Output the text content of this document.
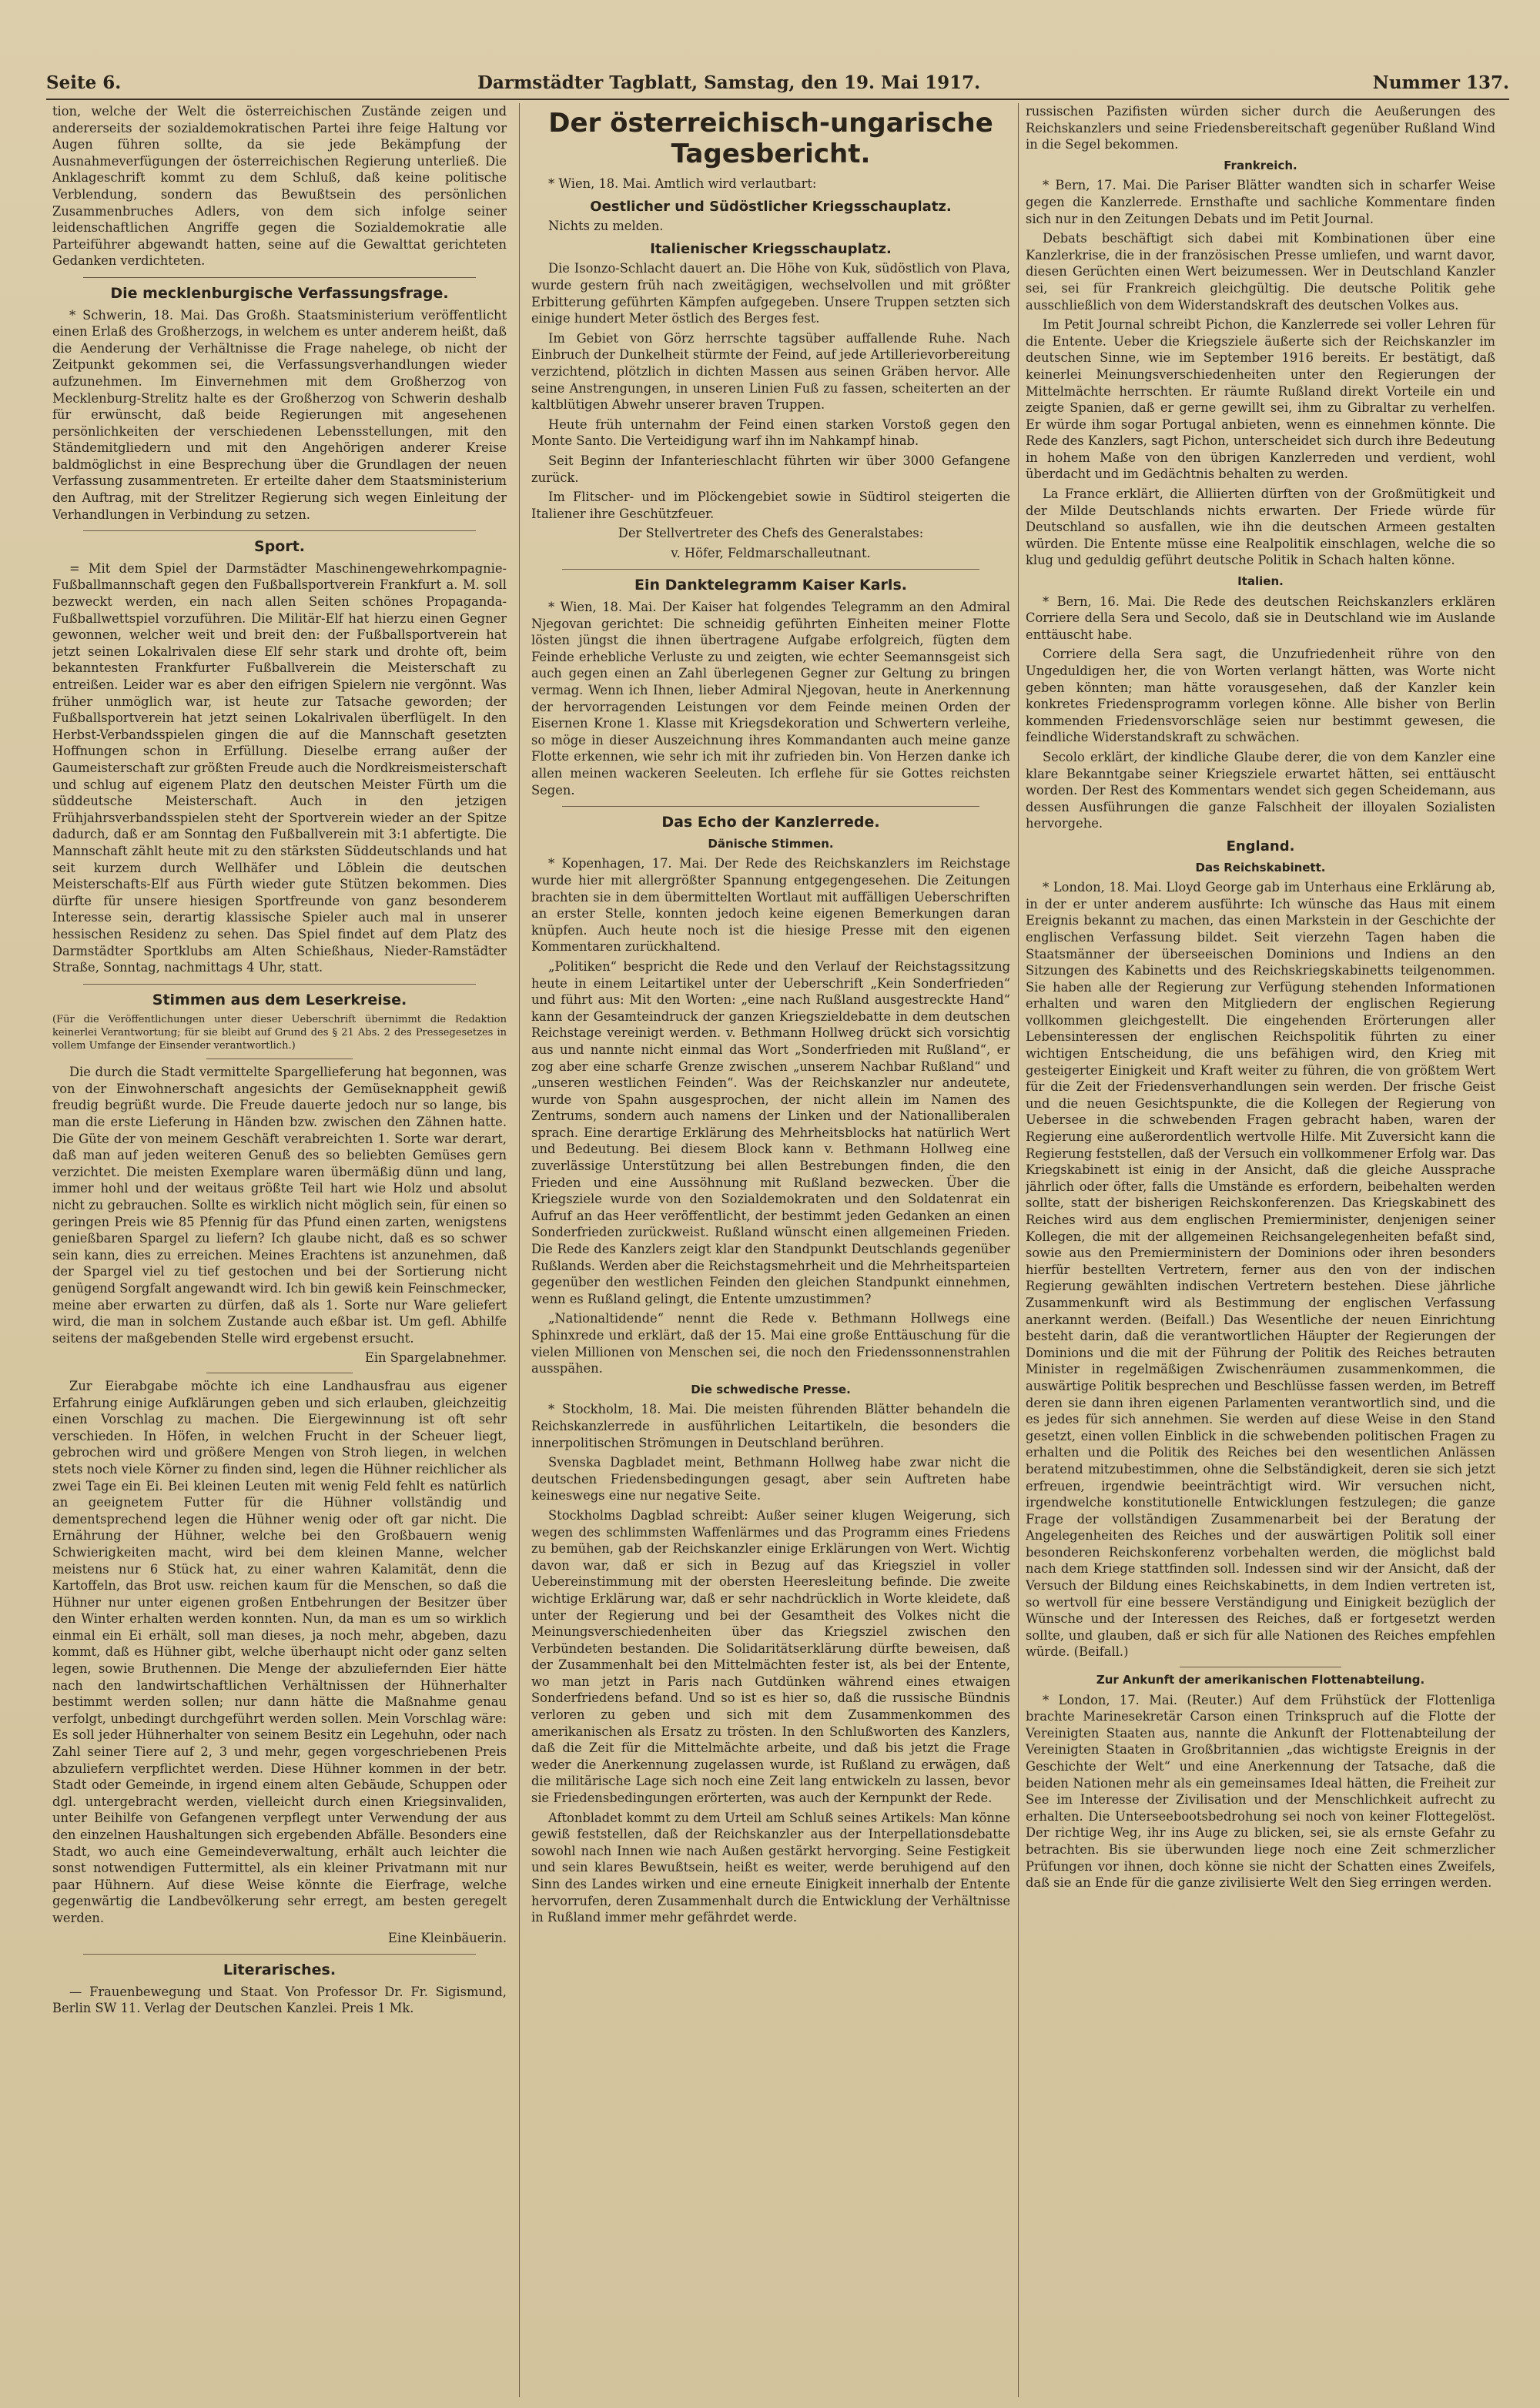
Seite 6.	Darmstädter Tagblatt, Samstag, den 19. Mai 1917.	Nummer 137.

tion, welche der Welt die österreichischen Zustände zeigen und andererseits der sozialdemokratischen Partei ihre feige Haltung vor Augen führen sollte, da sie jede Bekämpfung der Ausnahmeverfügungen der österreichischen Regierung unterließ. Die Anklageschrift kommt zu dem Schluß, daß keine politische Verblendung, sondern das Bewußtsein des persönlichen Zusammenbruches Adlers, von dem sich infolge seiner leidenschaftlichen Angriffe gegen die Sozialdemokratie alle Parteiführer abgewandt hatten, seine auf die Gewalttat gerichteten Gedanken verdichteten.

Die mecklenburgische Verfassungsfrage.

* Schwerin, 18. Mai. Das Großh. Staatsministerium veröffentlicht einen Erlaß des Großherzogs, in welchem es unter anderem heißt, daß die Aenderung der Verhältnisse die Frage nahelege, ob nicht der Zeitpunkt gekommen sei, die Verfassungsverhandlungen wieder aufzunehmen. Im Einvernehmen mit dem Großherzog von Mecklenburg-Strelitz halte es der Großherzog von Schwerin deshalb für erwünscht, daß beide Regierungen mit angesehenen persönlichkeiten der verschiedenen Lebensstellungen, mit den Ständemitgliedern und mit den Angehörigen anderer Kreise baldmöglichst in eine Besprechung über die Grundlagen der neuen Verfassung zusammentreten. Er erteilte daher dem Staatsministerium den Auftrag, mit der Strelitzer Regierung sich wegen Einleitung der Verhandlungen in Verbindung zu setzen.

Sport.

= Mit dem Spiel der Darmstädter Maschinengewehrkompagnie-Fußballmannschaft gegen den Fußballsportverein Frankfurt a. M. soll bezweckt werden, ein nach allen Seiten schönes Propaganda-Fußballwettspiel vorzuführen. Die Militär-Elf hat hierzu einen Gegner gewonnen, welcher weit und breit den: der Fußballsportverein hat jetzt seinen Lokalrivalen diese Elf sehr stark und drohte oft, beim bekanntesten Frankfurter Fußballverein die Meisterschaft zu entreißen. Leider war es aber den eifrigen Spielern nie vergönnt. Was früher unmöglich war, ist heute zur Tatsache geworden; der Fußballsportverein hat jetzt seinen Lokalrivalen überflügelt. In den Herbst-Verbandsspielen gingen die auf die Mannschaft gesetzten Hoffnungen schon in Erfüllung. Dieselbe errang außer der Gaumeisterschaft zur größten Freude auch die Nordkreismeisterschaft und schlug auf eigenem Platz den deutschen Meister Fürth um die süddeutsche Meisterschaft. Auch in den jetzigen Frühjahrsverbandsspielen steht der Sportverein wieder an der Spitze dadurch, daß er am Sonntag den Fußballverein mit 3:1 abfertigte. Die Mannschaft zählt heute mit zu den stärksten Süddeutschlands und hat seit kurzem durch Wellhäfer und Löblein die deutschen Meisterschafts-Elf aus Fürth wieder gute Stützen bekommen. Dies dürfte für unsere hiesigen Sportfreunde von ganz besonderem Interesse sein, derartig klassische Spieler auch mal in unserer hessischen Residenz zu sehen. Das Spiel findet auf dem Platz des Darmstädter Sportklubs am Alten Schießhaus, Nieder-Ramstädter Straße, Sonntag, nachmittags 4 Uhr, statt.

Stimmen aus dem Leserkreise.

(Für die Veröffentlichungen unter dieser Ueberschrift übernimmt die Redaktion keinerlei Verantwortung; für sie bleibt auf Grund des § 21 Abs. 2 des Pressegesetzes in vollem Umfange der Einsender verantwortlich.)

Die durch die Stadt vermittelte Spargellieferung hat begonnen, was von der Einwohnerschaft angesichts der Gemüseknappheit gewiß freudig begrüßt wurde. Die Freude dauerte jedoch nur so lange, bis man die erste Lieferung in Händen bzw. zwischen den Zähnen hatte. Die Güte der von meinem Geschäft verabreichten 1. Sorte war derart, daß man auf jeden weiteren Genuß des so beliebten Gemüses gern verzichtet. Die meisten Exemplare waren übermäßig dünn und lang, immer hohl und der weitaus größte Teil hart wie Holz und absolut nicht zu gebrauchen. Sollte es wirklich nicht möglich sein, für einen so geringen Preis wie 85 Pfennig für das Pfund einen zarten, wenigstens genießbaren Spargel zu liefern? Ich glaube nicht, daß es so schwer sein kann, dies zu erreichen. Meines Erachtens ist anzunehmen, daß der Spargel viel zu tief gestochen und bei der Sortierung nicht genügend Sorgfalt angewandt wird. Ich bin gewiß kein Feinschmecker, meine aber erwarten zu dürfen, daß als 1. Sorte nur Ware geliefert wird, die man in solchem Zustande auch eßbar ist. Um gefl. Abhilfe seitens der maßgebenden Stelle wird ergebenst ersucht.

Ein Spargelabnehmer.

Zur Eierabgabe möchte ich eine Landhausfrau aus eigener Erfahrung einige Aufklärungen geben und sich erlauben, gleichzeitig einen Vorschlag zu machen. Die Eiergewinnung ist oft sehr verschieden. In Höfen, in welchen Frucht in der Scheuer liegt, gebrochen wird und größere Mengen von Stroh liegen, in welchen stets noch viele Körner zu finden sind, legen die Hühner reichlicher als zwei Tage ein Ei. Bei kleinen Leuten mit wenig Feld fehlt es natürlich an geeignetem Futter für die Hühner vollständig und dementsprechend legen die Hühner wenig oder oft gar nicht. Die Ernährung der Hühner, welche bei den Großbauern wenig Schwierigkeiten macht, wird bei dem kleinen Manne, welcher meistens nur 6 Stück hat, zu einer wahren Kalamität, denn die Kartoffeln, das Brot usw. reichen kaum für die Menschen, so daß die Hühner nur unter eigenen großen Entbehrungen der Besitzer über den Winter erhalten werden konnten. Nun, da man es um so wirklich einmal ein Ei erhält, soll man dieses, ja noch mehr, abgeben, dazu kommt, daß es Hühner gibt, welche überhaupt nicht oder ganz selten legen, sowie Bruthennen. Die Menge der abzuliefernden Eier hätte nach den landwirtschaftlichen Verhältnissen der Hühnerhalter bestimmt werden sollen; nur dann hätte die Maßnahme genau verfolgt, unbedingt durchgeführt werden sollen. Mein Vorschlag wäre: Es soll jeder Hühnerhalter von seinem Besitz ein Legehuhn, oder nach Zahl seiner Tiere auf 2, 3 und mehr, gegen vorgeschriebenen Preis abzuliefern verpflichtet werden. Diese Hühner kommen in der betr. Stadt oder Gemeinde, in irgend einem alten Gebäude, Schuppen oder dgl. untergebracht werden, vielleicht durch einen Kriegsinvaliden, unter Beihilfe von Gefangenen verpflegt unter Verwendung der aus den einzelnen Haushaltungen sich ergebenden Abfälle. Besonders eine Stadt, wo auch eine Gemeindeverwaltung, erhält auch leichter die sonst notwendigen Futtermittel, als ein kleiner Privatmann mit nur paar Hühnern. Auf diese Weise könnte die Eierfrage, welche gegenwärtig die Landbevölkerung sehr erregt, am besten geregelt werden.

Eine Kleinbäuerin.

Literarisches.

— Frauenbewegung und Staat. Von Professor Dr. Fr. Sigismund, Berlin SW 11. Verlag der Deutschen Kanzlei. Preis 1 Mk.

Der österreichisch-ungarische Tagesbericht.

* Wien, 18. Mai. Amtlich wird verlautbart:

Oestlicher und Südöstlicher Kriegsschauplatz.

Nichts zu melden.

Italienischer Kriegsschauplatz.

Die Isonzo-Schlacht dauert an. Die Höhe von Kuk, südöstlich von Plava, wurde gestern früh nach zweitägigen, wechselvollen und mit größter Erbitterung geführten Kämpfen aufgegeben. Unsere Truppen setzten sich einige hundert Meter östlich des Berges fest.

Im Gebiet von Görz herrschte tagsüber auffallende Ruhe. Nach Einbruch der Dunkelheit stürmte der Feind, auf jede Artillerievorbereitung verzichtend, plötzlich in dichten Massen aus seinen Gräben hervor. Alle seine Anstrengungen, in unseren Linien Fuß zu fassen, scheiterten an der kaltblütigen Abwehr unserer braven Truppen.

Heute früh unternahm der Feind einen starken Vorstoß gegen den Monte Santo. Die Verteidigung warf ihn im Nahkampf hinab.

Seit Beginn der Infanterieschlacht führten wir über 3000 Gefangene zurück.

Im Flitscher- und im Plöckengebiet sowie in Südtirol steigerten die Italiener ihre Geschützfeuer.

Der Stellvertreter des Chefs des Generalstabes:

v. Höfer, Feldmarschalleutnant.

Ein Danktelegramm Kaiser Karls.

* Wien, 18. Mai. Der Kaiser hat folgendes Telegramm an den Admiral Njegovan gerichtet: Die schneidig geführten Einheiten meiner Flotte lösten jüngst die ihnen übertragene Aufgabe erfolgreich, fügten dem Feinde erhebliche Verluste zu und zeigten, wie echter Seemannsgeist sich auch gegen einen an Zahl überlegenen Gegner zur Geltung zu bringen vermag. Wenn ich Ihnen, lieber Admiral Njegovan, heute in Anerkennung der hervorragenden Leistungen vor dem Feinde meinen Orden der Eisernen Krone 1. Klasse mit Kriegsdekoration und Schwertern verleihe, so möge in dieser Auszeichnung ihres Kommandanten auch meine ganze Flotte erkennen, wie sehr ich mit ihr zufrieden bin. Von Herzen danke ich allen meinen wackeren Seeleuten. Ich erflehe für sie Gottes reichsten Segen.

Das Echo der Kanzlerrede.
Dänische Stimmen.

* Kopenhagen, 17. Mai. Der Rede des Reichskanzlers im Reichstage wurde hier mit allergrößter Spannung entgegengesehen. Die Zeitungen brachten sie in dem übermittelten Wortlaut mit auffälligen Ueberschriften an erster Stelle, konnten jedoch keine eigenen Bemerkungen daran knüpfen. Auch heute noch ist die hiesige Presse mit den eigenen Kommentaren zurückhaltend.

„Politiken“ bespricht die Rede und den Verlauf der Reichstagssitzung heute in einem Leitartikel unter der Ueberschrift „Kein Sonderfrieden“ und führt aus: Mit den Worten: „eine nach Rußland ausgestreckte Hand“ kann der Gesamteindruck der ganzen Kriegszieldebatte in dem deutschen Reichstage vereinigt werden. v. Bethmann Hollweg drückt sich vorsichtig aus und nannte nicht einmal das Wort „Sonderfrieden mit Rußland“, er zog aber eine scharfe Grenze zwischen „unserem Nachbar Rußland“ und „unseren westlichen Feinden“. Was der Reichskanzler nur andeutete, wurde von Spahn ausgesprochen, der nicht allein im Namen des Zentrums, sondern auch namens der Linken und der Nationalliberalen sprach. Eine derartige Erklärung des Mehrheitsblocks hat natürlich Wert und Bedeutung. Bei diesem Block kann v. Bethmann Hollweg eine zuverlässige Unterstützung bei allen Bestrebungen finden, die den Frieden und eine Aussöhnung mit Rußland bezwecken. Über die Kriegsziele wurde von den Sozialdemokraten und den Soldatenrat ein Aufruf an das Heer veröffentlicht, der bestimmt jeden Gedanken an einen Sonderfrieden zurückweist. Rußland wünscht einen allgemeinen Frieden. Die Rede des Kanzlers zeigt klar den Standpunkt Deutschlands gegenüber Rußlands. Werden aber die Reichstagsmehrheit und die Mehrheitsparteien gegenüber den westlichen Feinden den gleichen Standpunkt einnehmen, wenn es Rußland gelingt, die Entente umzustimmen?

„Nationaltidende“ nennt die Rede v. Bethmann Hollwegs eine Sphinxrede und erklärt, daß der 15. Mai eine große Enttäuschung für die vielen Millionen von Menschen sei, die noch den Friedenssonnenstrahlen ausspähen.

Die schwedische Presse.

* Stockholm, 18. Mai. Die meisten führenden Blätter behandeln die Reichskanzlerrede in ausführlichen Leitartikeln, die besonders die innerpolitischen Strömungen in Deutschland berühren.

Svenska Dagbladet meint, Bethmann Hollweg habe zwar nicht die deutschen Friedensbedingungen gesagt, aber sein Auftreten habe keineswegs eine nur negative Seite.

Stockholms Dagblad schreibt: Außer seiner klugen Weigerung, sich wegen des schlimmsten Waffenlärmes und das Programm eines Friedens zu bemühen, gab der Reichskanzler einige Erklärungen von Wert. Wichtig davon war, daß er sich in Bezug auf das Kriegsziel in voller Uebereinstimmung mit der obersten Heeresleitung befinde. Die zweite wichtige Erklärung war, daß er sehr nachdrücklich in Worte kleidete, daß unter der Regierung und bei der Gesamtheit des Volkes nicht die Meinungsverschiedenheiten über das Kriegsziel zwischen den Verbündeten bestanden. Die Solidaritätserklärung dürfte beweisen, daß der Zusammenhalt bei den Mittelmächten fester ist, als bei der Entente, wo man jetzt in Paris nach Gutdünken während eines etwaigen Sonderfriedens befand. Und so ist es hier so, daß die russische Bündnis verloren zu geben und sich mit dem Zusammenkommen des amerikanischen als Ersatz zu trösten. In den Schlußworten des Kanzlers, daß die Zeit für die Mittelmächte arbeite, und daß bis jetzt die Frage weder die Anerkennung zugelassen wurde, ist Rußland zu erwägen, daß die militärische Lage sich noch eine Zeit lang entwickeln zu lassen, bevor sie Friedensbedingungen erörterten, was auch der Kernpunkt der Rede.

Aftonbladet kommt zu dem Urteil am Schluß seines Artikels: Man könne gewiß feststellen, daß der Reichskanzler aus der Interpellationsdebatte sowohl nach Innen wie nach Außen gestärkt hervorging. Seine Festigkeit und sein klares Bewußtsein, heißt es weiter, werde beruhigend auf den Sinn des Landes wirken und eine erneute Einigkeit innerhalb der Entente hervorrufen, deren Zusammenhalt durch die Entwicklung der Verhältnisse in Rußland immer mehr gefährdet werde.

russischen Pazifisten würden sicher durch die Aeußerungen des Reichskanzlers und seine Friedensbereitschaft gegenüber Rußland Wind in die Segel bekommen.

Frankreich.

* Bern, 17. Mai. Die Pariser Blätter wandten sich in scharfer Weise gegen die Kanzlerrede. Ernsthafte und sachliche Kommentare finden sich nur in den Zeitungen Debats und im Petit Journal.

Debats beschäftigt sich dabei mit Kombinationen über eine Kanzlerkrise, die in der französischen Presse umliefen, und warnt davor, diesen Gerüchten einen Wert beizumessen. Wer in Deutschland Kanzler sei, sei für Frankreich gleichgültig. Die deutsche Politik gehe ausschließlich von dem Widerstandskraft des deutschen Volkes aus.

Im Petit Journal schreibt Pichon, die Kanzlerrede sei voller Lehren für die Entente. Ueber die Kriegsziele äußerte sich der Reichskanzler im deutschen Sinne, wie im September 1916 bereits. Er bestätigt, daß keinerlei Meinungsverschiedenheiten unter den Regierungen der Mittelmächte herrschten. Er räumte Rußland direkt Vorteile ein und zeigte Spanien, daß er gerne gewillt sei, ihm zu Gibraltar zu verhelfen. Er würde ihm sogar Portugal anbieten, wenn es einnehmen könnte. Die Rede des Kanzlers, sagt Pichon, unterscheidet sich durch ihre Bedeutung in hohem Maße von den übrigen Kanzlerreden und verdient, wohl überdacht und im Gedächtnis behalten zu werden.

La France erklärt, die Alliierten dürften von der Großmütigkeit und der Milde Deutschlands nichts erwarten. Der Friede würde für Deutschland so ausfallen, wie ihn die deutschen Armeen gestalten würden. Die Entente müsse eine Realpolitik einschlagen, welche die so klug und geduldig geführt deutsche Politik in Schach halten könne.

Italien.

* Bern, 16. Mai. Die Rede des deutschen Reichskanzlers erklären Corriere della Sera und Secolo, daß sie in Deutschland wie im Auslande enttäuscht habe.

Corriere della Sera sagt, die Unzufriedenheit rühre von den Ungeduldigen her, die von Worten verlangt hätten, was Worte nicht geben könnten; man hätte vorausgesehen, daß der Kanzler kein konkretes Friedensprogramm vorlegen könne. Alle bisher von Berlin kommenden Friedensvorschläge seien nur bestimmt gewesen, die feindliche Widerstandskraft zu schwächen.

Secolo erklärt, der kindliche Glaube derer, die von dem Kanzler eine klare Bekanntgabe seiner Kriegsziele erwartet hätten, sei enttäuscht worden. Der Rest des Kommentars wendet sich gegen Scheidemann, aus dessen Ausführungen die ganze Falschheit der illoyalen Sozialisten hervorgehe.

England.
Das Reichskabinett.

* London, 18. Mai. Lloyd George gab im Unterhaus eine Erklärung ab, in der er unter anderem ausführte: Ich wünsche das Haus mit einem Ereignis bekannt zu machen, das einen Markstein in der Geschichte der englischen Verfassung bildet. Seit vierzehn Tagen haben die Staatsmänner der überseeischen Dominions und Indiens an den Sitzungen des Kabinetts und des Reichskriegskabinetts teilgenommen. Sie haben alle der Regierung zur Verfügung stehenden Informationen erhalten und waren den Mitgliedern der englischen Regierung vollkommen gleichgestellt. Die eingehenden Erörterungen aller Lebensinteressen der englischen Reichspolitik führten zu einer wichtigen Entscheidung, die uns befähigen wird, den Krieg mit gesteigerter Einigkeit und Kraft weiter zu führen, die von größtem Wert für die Zeit der Friedensverhandlungen sein werden. Der frische Geist und die neuen Gesichtspunkte, die die Kollegen der Regierung von Uebersee in die schwebenden Fragen gebracht haben, waren der Regierung eine außerordentlich wertvolle Hilfe. Mit Zuversicht kann die Regierung feststellen, daß der Versuch ein vollkommener Erfolg war. Das Kriegskabinett ist einig in der Ansicht, daß die gleiche Aussprache jährlich oder öfter, falls die Umstände es erfordern, beibehalten werden sollte, statt der bisherigen Reichskonferenzen. Das Kriegskabinett des Reiches wird aus dem englischen Premierminister, denjenigen seiner Kollegen, die mit der allgemeinen Reichsangelegenheiten befaßt sind, sowie aus den Premierministern der Dominions oder ihren besonders hierfür bestellten Vertretern, ferner aus den von der indischen Regierung gewählten indischen Vertretern bestehen. Diese jährliche Zusammenkunft wird als Bestimmung der englischen Verfassung anerkannt werden. (Beifall.) Das Wesentliche der neuen Einrichtung besteht darin, daß die verantwortlichen Häupter der Regierungen der Dominions und die mit der Führung der Politik des Reiches betrauten Minister in regelmäßigen Zwischenräumen zusammenkommen, die auswärtige Politik besprechen und Beschlüsse fassen werden, im Betreff deren sie dann ihren eigenen Parlamenten verantwortlich sind, und die es jedes für sich annehmen. Sie werden auf diese Weise in den Stand gesetzt, einen vollen Einblick in die schwebenden politischen Fragen zu erhalten und die Politik des Reiches bei den wesentlichen Anlässen beratend mitzubestimmen, ohne die Selbständigkeit, deren sie sich jetzt erfreuen, irgendwie beeinträchtigt wird. Wir versuchen nicht, irgendwelche konstitutionelle Entwicklungen festzulegen; die ganze Frage der vollständigen Zusammenarbeit bei der Beratung der Angelegenheiten des Reiches und der auswärtigen Politik soll einer besonderen Reichskonferenz vorbehalten werden, die möglichst bald nach dem Kriege stattfinden soll. Indessen sind wir der Ansicht, daß der Versuch der Bildung eines Reichskabinetts, in dem Indien vertreten ist, so wertvoll für eine bessere Verständigung und Einigkeit bezüglich der Wünsche und der Interessen des Reiches, daß er fortgesetzt werden sollte, und glauben, daß er sich für alle Nationen des Reiches empfehlen würde. (Beifall.)

Zur Ankunft der amerikanischen Flottenabteilung.

* London, 17. Mai. (Reuter.) Auf dem Frühstück der Flottenliga brachte Marinesekretär Carson einen Trinkspruch auf die Flotte der Vereinigten Staaten aus, nannte die Ankunft der Flottenabteilung der Vereinigten Staaten in Großbritannien „das wichtigste Ereignis in der Geschichte der Welt“ und eine Anerkennung der Tatsache, daß die beiden Nationen mehr als ein gemeinsames Ideal hätten, die Freiheit zur See im Interesse der Zivilisation und der Menschlichkeit aufrecht zu erhalten. Die Unterseebootsbedrohung sei noch von keiner Flottegelöst. Der richtige Weg, ihr ins Auge zu blicken, sei, sie als ernste Gefahr zu betrachten. Bis sie überwunden liege noch eine Zeit schmerzlicher Prüfungen vor ihnen, doch könne sie nicht der Schatten eines Zweifels, daß sie an Ende für die ganze zivilisierte Welt den Sieg erringen werden.
